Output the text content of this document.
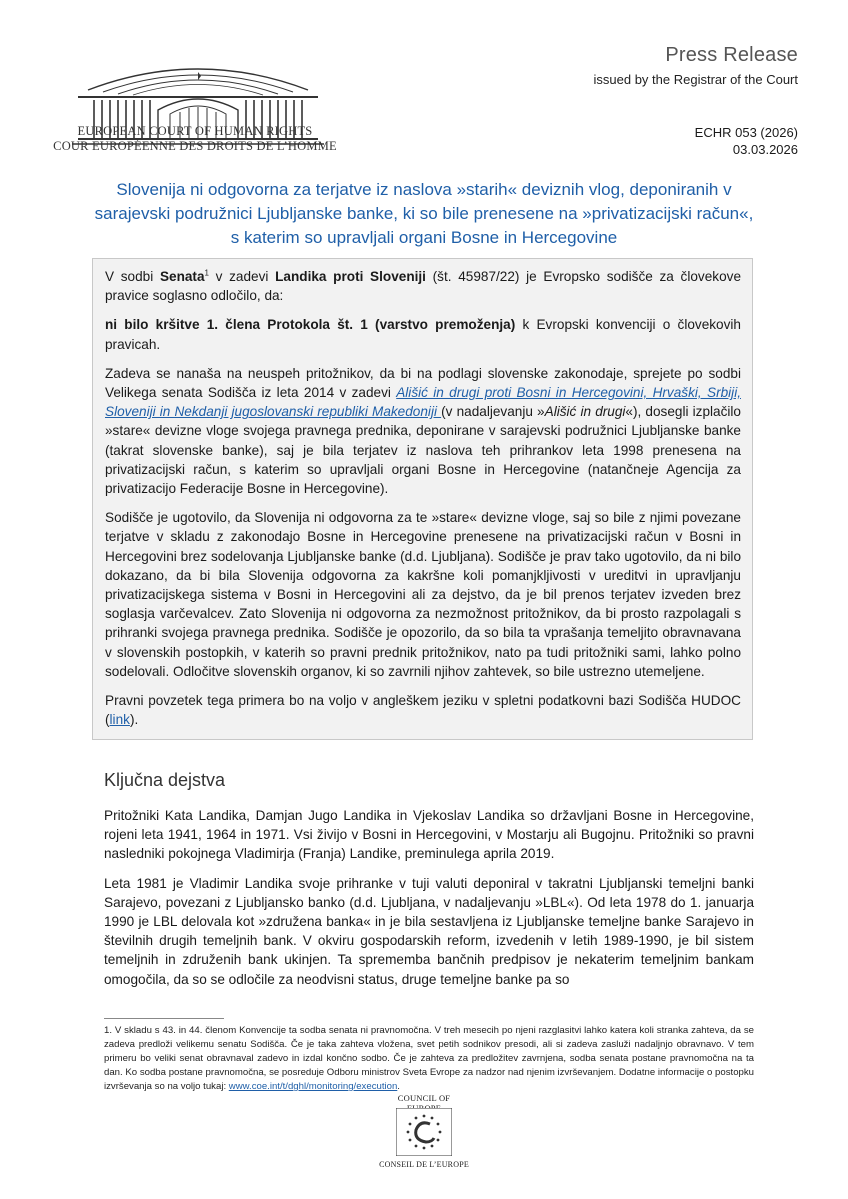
EUROPEAN COURT OF HUMAN RIGHTS
COUR EUROPÉENNE DES DROITS DE L’HOMME
Press Release
issued by the Registrar of the Court
ECHR 053 (2026)
03.03.2026
Slovenija ni odgovorna za terjatve iz naslova »starih« deviznih vlog, deponiranih v sarajevski podružnici Ljubljanske banke, ki so bile prenesene na »privatizacijski račun«, s katerim so upravljali organi Bosne in Hercegovine

V sodbi Senata$^1$ v zadevi Landika proti Sloveniji (št. 45987/22) je Evropsko sodišče za človekove pravice soglasno odločilo, da:

ni bilo kršitve 1. člena Protokola št. 1 (varstvo premoženja) k Evropski konvenciji o človekovih pravicah.

Zadeva se nanaša na neuspeh pritožnikov, da bi na podlagi slovenske zakonodaje, sprejete po sodbi Velikega senata Sodišča iz leta 2014 v zadevi Ališić in drugi proti Bosni in Hercegovini, Hrvaški, Srbiji, Sloveniji in Nekdanji jugoslovanski republiki Makedoniji (v nadaljevanju »Ališić in drugi«), dosegli izplačilo »stare« devizne vloge svojega pravnega prednika, deponirane v sarajevski podružnici Ljubljanske banke (takrat slovenske banke), saj je bila terjatev iz naslova teh prihrankov leta 1998 prenesena na privatizacijski račun, s katerim so upravljali organi Bosne in Hercegovine (natančneje Agencija za privatizacijo Federacije Bosne in Hercegovine).

Sodišče je ugotovilo, da Slovenija ni odgovorna za te »stare« devizne vloge, saj so bile z njimi povezane terjatve v skladu z zakonodajo Bosne in Hercegovine prenesene na privatizacijski račun v Bosni in Hercegovini brez sodelovanja Ljubljanske banke (d.d. Ljubljana). Sodišče je prav tako ugotovilo, da ni bilo dokazano, da bi bila Slovenija odgovorna za kakršne koli pomanjkljivosti v ureditvi in upravljanju privatizacijskega sistema v Bosni in Hercegovini ali za dejstvo, da je bil prenos terjatev izveden brez soglasja varčevalcev. Zato Slovenija ni odgovorna za nezmožnost pritožnikov, da bi prosto razpolagali s prihranki svojega pravnega prednika. Sodišče je opozorilo, da so bila ta vprašanja temeljito obravnavana v slovenskih postopkih, v katerih so pravni prednik pritožnikov, nato pa tudi pritožniki sami, lahko polno sodelovali. Odločitve slovenskih organov, ki so zavrnili njihov zahtevek, so bile ustrezno utemeljene.

Pravni povzetek tega primera bo na voljo v angleškem jeziku v spletni podatkovni bazi Sodišča HUDOC (link).

Ključna dejstva

Pritožniki Kata Landika, Damjan Jugo Landika in Vjekoslav Landika so državljani Bosne in Hercegovine, rojeni leta 1941, 1964 in 1971. Vsi živijo v Bosni in Hercegovini, v Mostarju ali Bugojnu. Pritožniki so pravni nasledniki pokojnega Vladimirja (Franja) Landike, preminulega aprila 2019.

Leta 1981 je Vladimir Landika svoje prihranke v tuji valuti deponiral v takratni Ljubljanski temeljni banki Sarajevo, povezani z Ljubljansko banko (d.d. Ljubljana, v nadaljevanju »LBL«). Od leta 1978 do 1. januarja 1990 je LBL delovala kot »združena banka« in je bila sestavljena iz Ljubljanske temeljne banke Sarajevo in številnih drugih temeljnih bank. V okviru gospodarskih reform, izvedenih v letih 1989-1990, je bil sistem temeljnih in združenih bank ukinjen. Ta sprememba bančnih predpisov je nekaterim temeljnim bankam omogočila, da so se odločile za neodvisni status, druge temeljne banke pa so

1. V skladu s 43. in 44. členom Konvencije ta sodba senata ni pravnomočna. V treh mesecih po njeni razglasitvi lahko katera koli stranka zahteva, da se zadeva predloži velikemu senatu Sodišča. Če je taka zahteva vložena, svet petih sodnikov presodi, ali si zadeva zasluži nadaljnjo obravnavo. V tem primeru bo veliki senat obravnaval zadevo in izdal končno sodbo. Če je zahteva za predložitev zavrnjena, sodba senata postane pravnomočna na ta dan. Ko sodba postane pravnomočna, se posreduje Odboru ministrov Sveta Evrope za nadzor nad njenim izvrševanjem. Dodatne informacije o postopku izvrševanja so na voljo tukaj: www.coe.int/t/dghl/monitoring/execution.
COUNCIL OF
CONSEIL DE L’EUROPE
